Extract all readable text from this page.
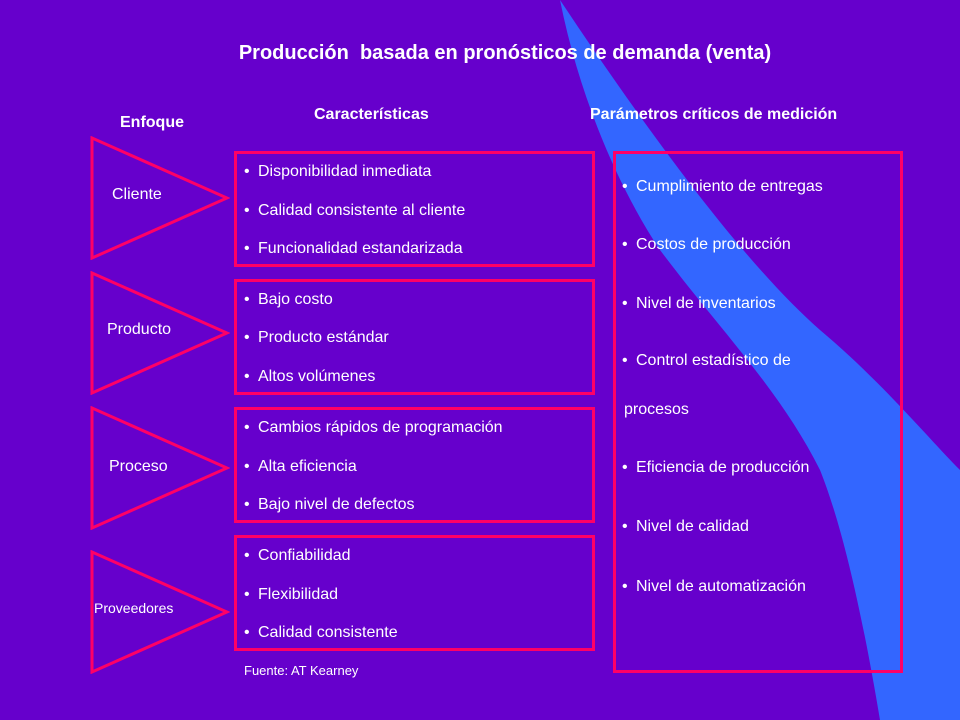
Producción  basada en pronósticos de demanda (venta)
Enfoque	Características	Parámetros críticos de medición
Cliente
• Disponibilidad inmediata
• Calidad consistente al cliente
• Funcionalidad estandarizada
Producto
• Bajo costo
• Producto estándar
• Altos volúmenes
Proceso
• Cambios rápidos de programación
• Alta eficiencia
• Bajo nivel de defectos
Proveedores
• Confiabilidad
• Flexibilidad
• Calidad consistente
• Cumplimiento de entregas
• Costos de producción
• Nivel de inventarios
• Control estadístico de
procesos
• Eficiencia de producción
• Nivel de calidad
• Nivel de automatización
Fuente: AT Kearney
